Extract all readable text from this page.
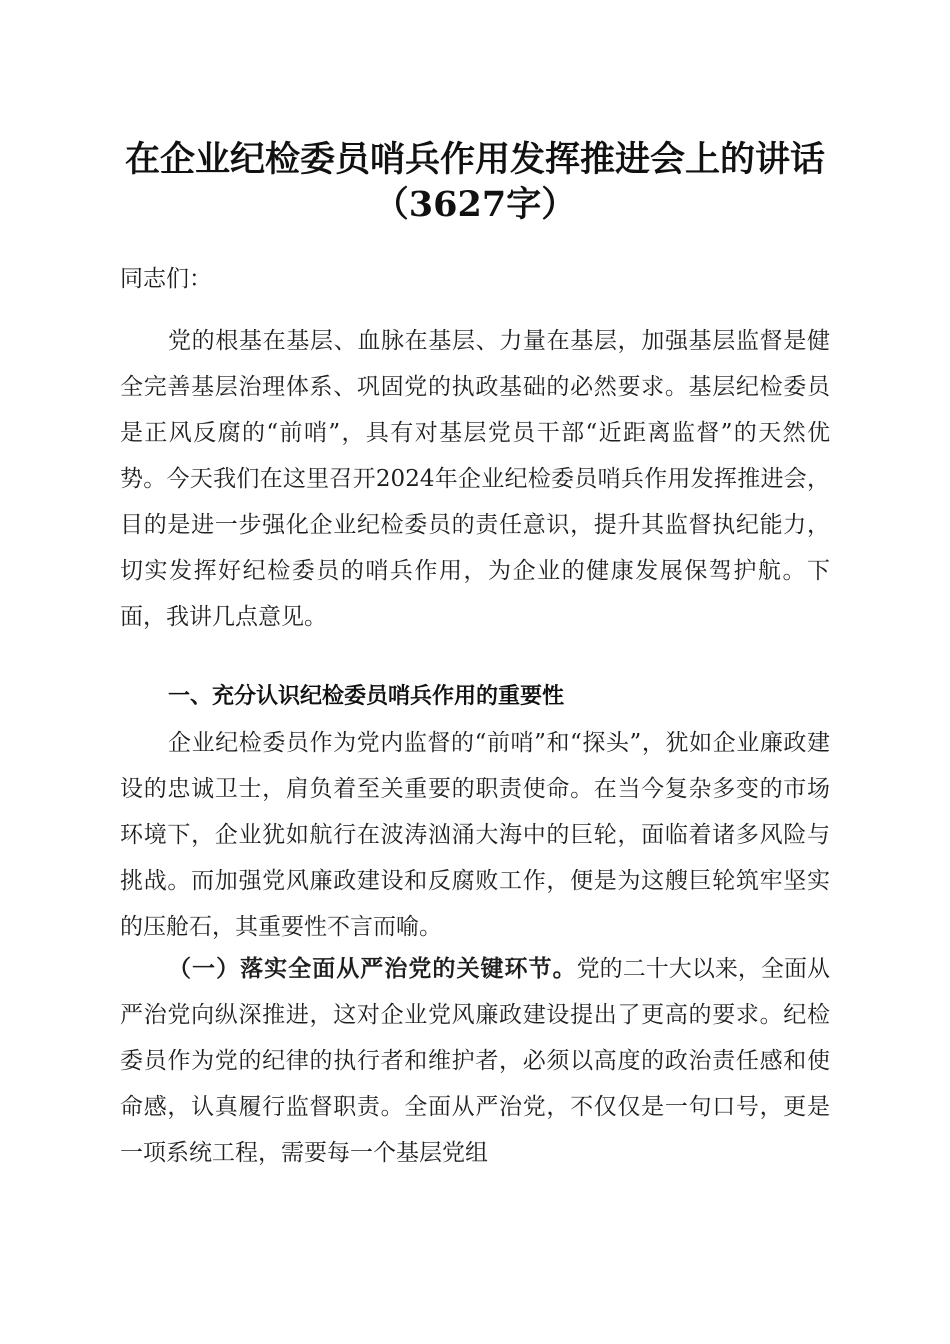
在企业纪检委员哨兵作用发挥推进会上的讲话
（3627字）
同志们：

党的根基在基层、血脉在基层、力量在基层，加强基层监督是健全完善基层治理体系、巩固党的执政基础的必然要求。基层纪检委员是正风反腐的“前哨”，具有对基层党员干部“近距离监督”的天然优势。今天我们在这里召开2024年企业纪检委员哨兵作用发挥推进会，目的是进一步强化企业纪检委员的责任意识，提升其监督执纪能力，切实发挥好纪检委员的哨兵作用，为企业的健康发展保驾护航。下面，我讲几点意见。

一、充分认识纪检委员哨兵作用的重要性

企业纪检委员作为党内监督的“前哨”和“探头”，犹如企业廉政建设的忠诚卫士，肩负着至关重要的职责使命。在当今复杂多变的市场环境下，企业犹如航行在波涛汹涌大海中的巨轮，面临着诸多风险与挑战。而加强党风廉政建设和反腐败工作，便是为这艘巨轮筑牢坚实的压舱石，其重要性不言而喻。

（一）落实全面从严治党的关键环节。党的二十大以来，全面从严治党向纵深推进，这对企业党风廉政建设提出了更高的要求。纪检委员作为党的纪律的执行者和维护者，必须以高度的政治责任感和使命感，认真履行监督职责。全面从严治党，不仅仅是一句口号，更是一项系统工程，需要每一个基层党组
